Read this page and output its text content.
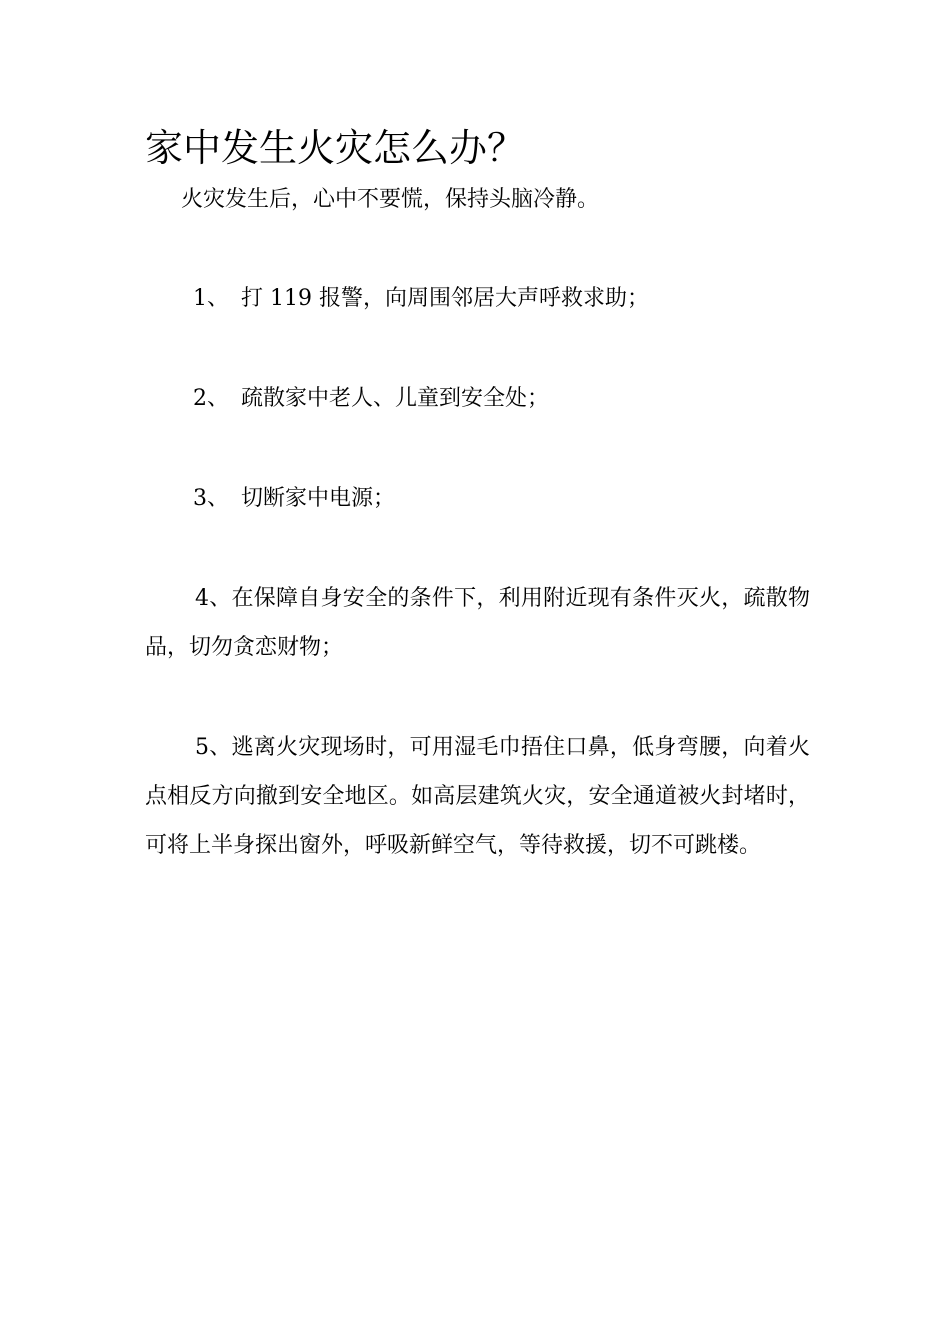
家中发生火灾怎么办？

火灾发生后，心中不要慌，保持头脑冷静。

1、 打 119 报警，向周围邻居大声呼救求助；

2、 疏散家中老人、儿童到安全处；

3、 切断家中电源；

4、在保障自身安全的条件下，利用附近现有条件灭火，疏散物品，切勿贪恋财物；

5、逃离火灾现场时，可用湿毛巾捂住口鼻，低身弯腰，向着火点相反方向撤到安全地区。如高层建筑火灾，安全通道被火封堵时，可将上半身探出窗外，呼吸新鲜空气，等待救援，切不可跳楼。
